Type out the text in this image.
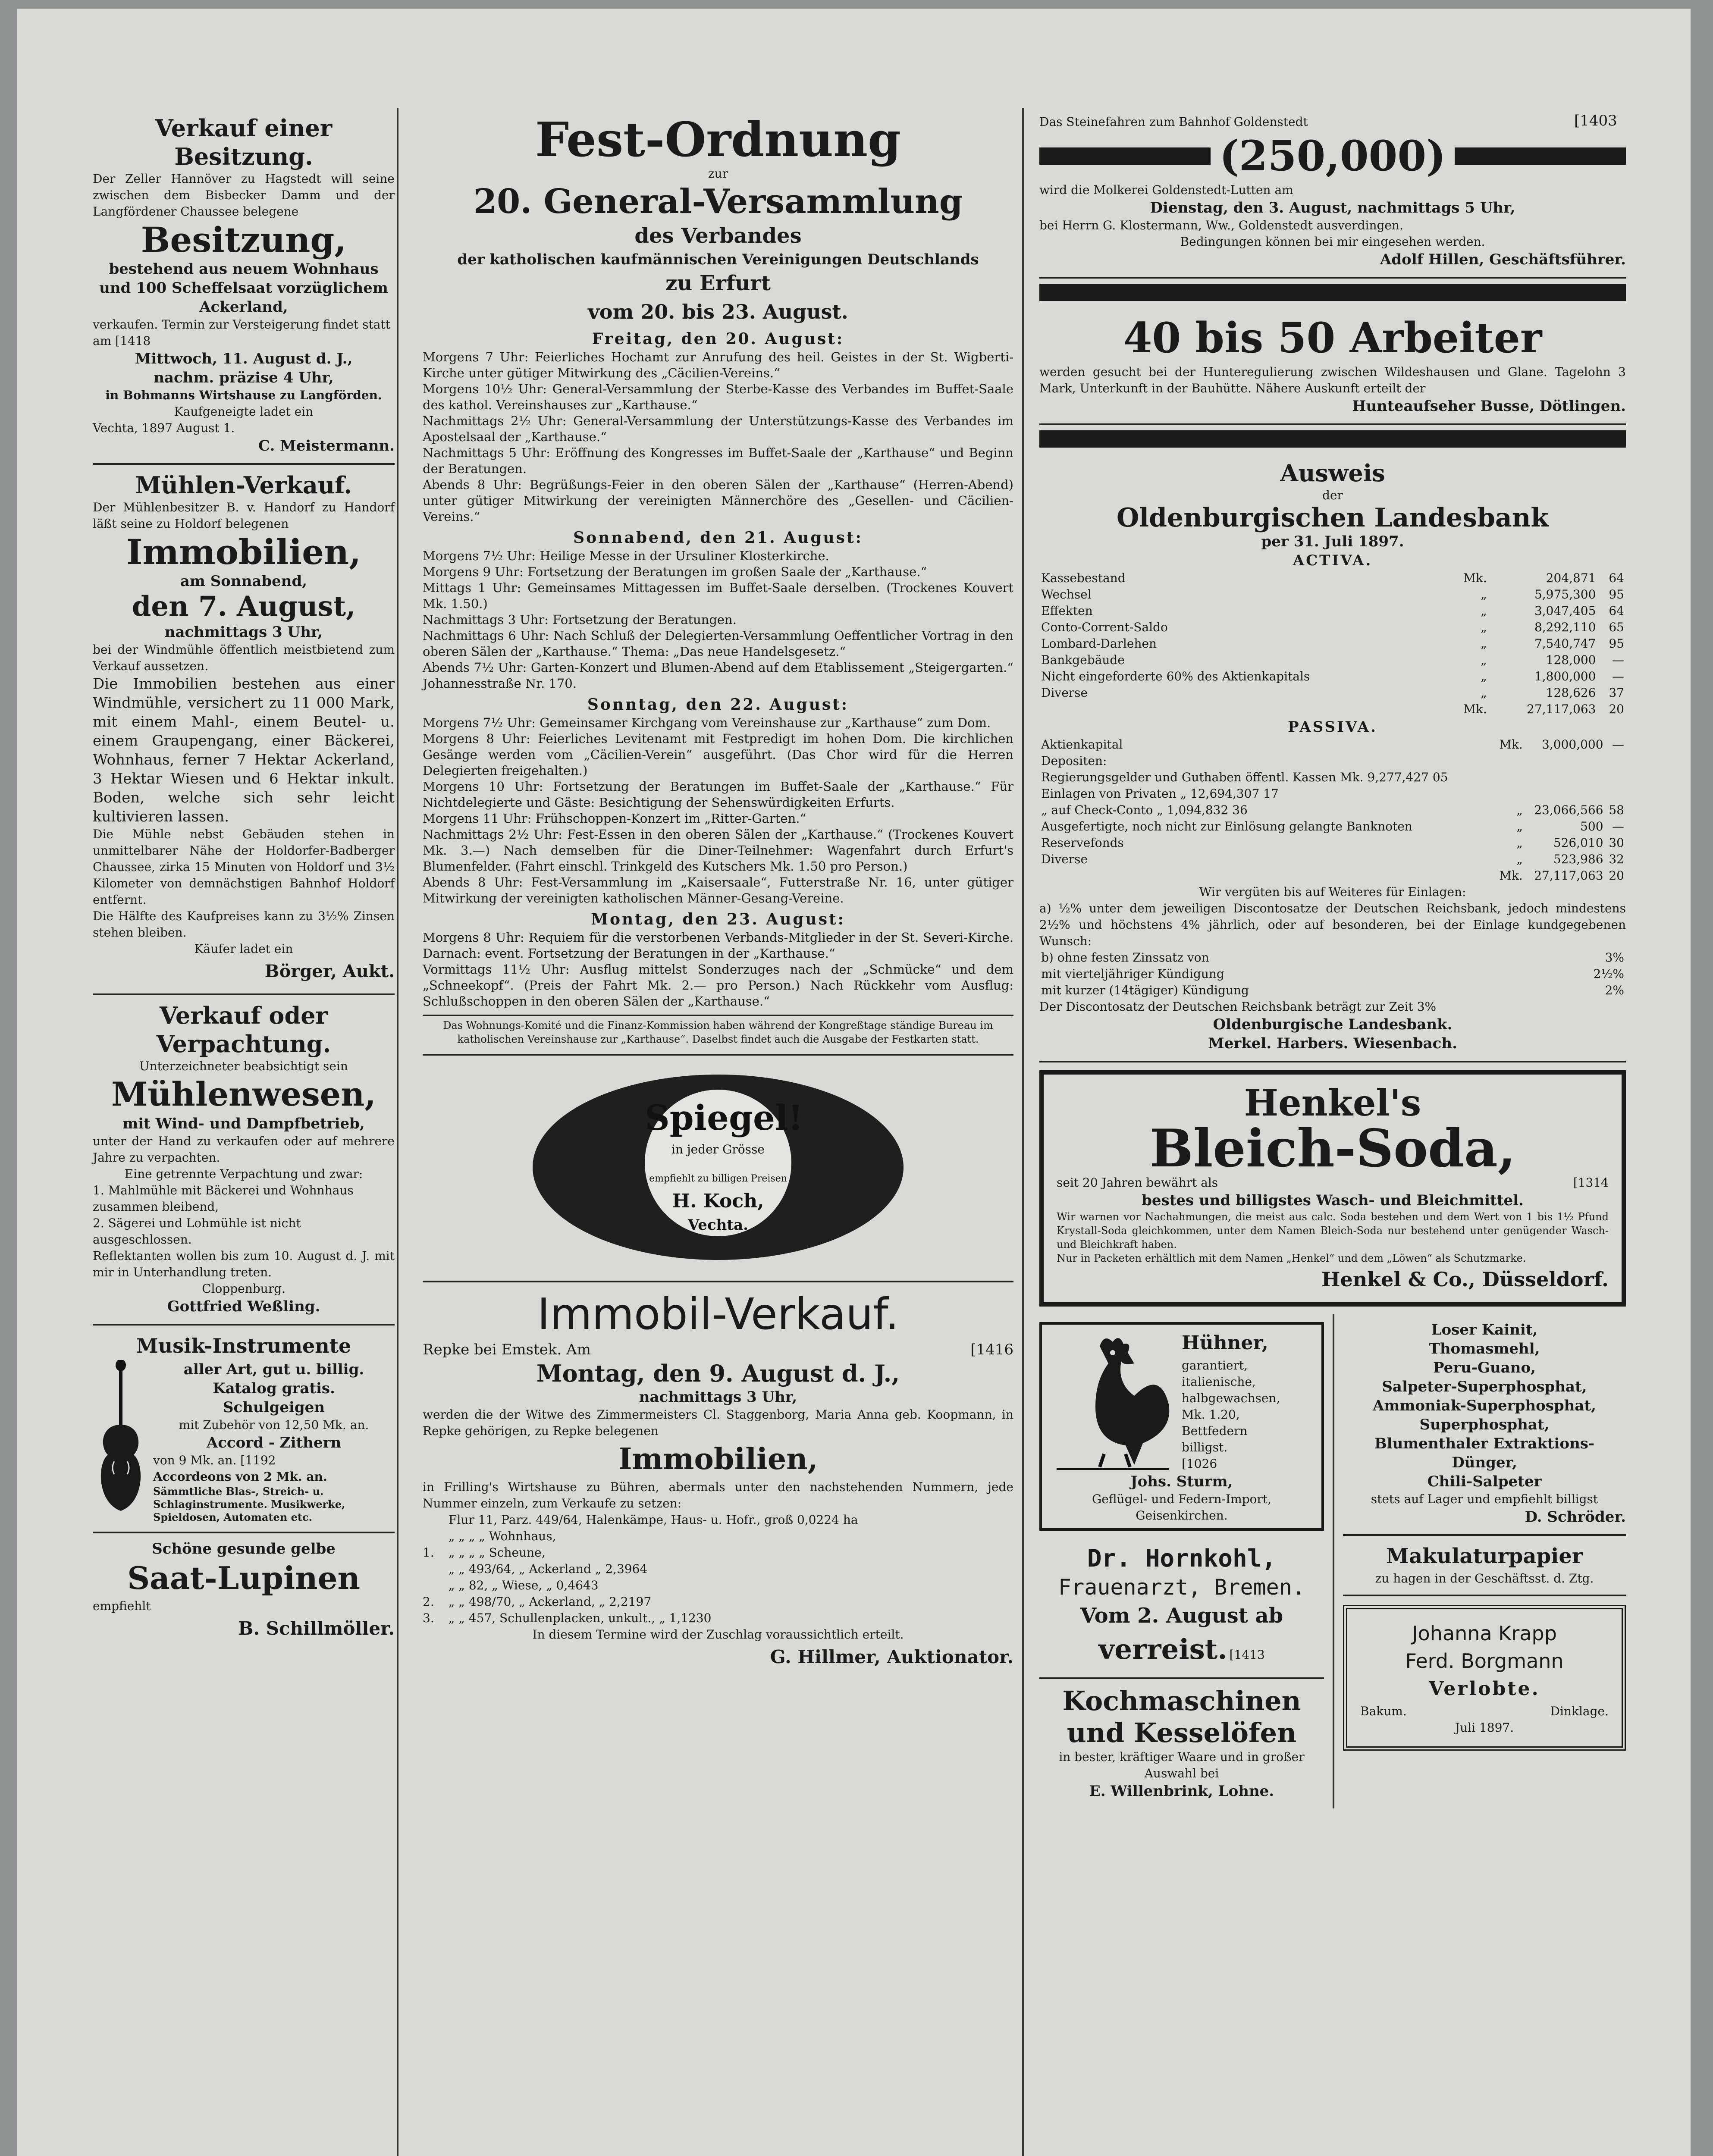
[1403
Verkauf einer Besitzung.
Der Zeller Hannöver zu Hagstedt will seine zwischen dem Bisbecker Damm und der Langfördener Chaussee belegene
Besitzung,
bestehend aus neuem Wohnhaus und 100 Scheffelsaat vorzüglichem Ackerland,
verkaufen. Termin zur Versteigerung findet statt am [1418
Mittwoch, 11. August d. J.,
nachm. präzise 4 Uhr,
in Bohmanns Wirtshause zu Langförden.
Kaufgeneigte ladet ein
Vechta, 1897 August 1.
C. Meistermann.
Mühlen-Verkauf.
Der Mühlenbesitzer B. v. Handorf zu Handorf läßt seine zu Holdorf belegenen
Immobilien,
am Sonnabend,
den 7. August,
nachmittags 3 Uhr,
bei der Windmühle öffentlich meistbietend zum Verkauf aussetzen.
Die Immobilien bestehen aus einer Windmühle, versichert zu 11 000 Mark, mit einem Mahl-, einem Beutel- u. einem Graupengang, einer Bäckerei, Wohnhaus, ferner 7 Hektar Ackerland, 3 Hektar Wiesen und 6 Hektar inkult. Boden, welche sich sehr leicht kultivieren lassen.
Die Mühle nebst Gebäuden stehen in unmittelbarer Nähe der Holdorfer-Badberger Chaussee, zirka 15 Minuten von Holdorf und 3½ Kilometer von demnächstigen Bahnhof Holdorf entfernt.
Die Hälfte des Kaufpreises kann zu 3½% Zinsen stehen bleiben.
Käufer ladet ein
Börger, Aukt.
Verkauf oder Verpachtung.
Unterzeichneter beabsichtigt sein
Mühlenwesen,
mit Wind- und Dampfbetrieb,
unter der Hand zu verkaufen oder auf mehrere Jahre zu verpachten.
Eine getrennte Verpachtung und zwar:
1. Mahlmühle mit Bäckerei und Wohnhaus zusammen bleibend,
2. Sägerei und Lohmühle ist nicht ausgeschlossen.
Reflektanten wollen bis zum 10. August d. J. mit mir in Unterhandlung treten.
Cloppenburg.
Gottfried Weßling.
Musik-Instrumente
aller Art, gut u. billig.
Katalog gratis.
Schulgeigen
mit Zubehör von 12,50 Mk. an.
Accord - Zithern
von 9 Mk. an. [1192
Accordeons von 2 Mk. an.
Sämmtliche Blas-, Streich- u. Schlaginstrumente. Musikwerke, Spieldosen, Automaten etc.
Schöne gesunde gelbe
Saat-Lupinen
empfiehlt
B. Schillmöller.
Fest-Ordnung
zur
20. General-Versammlung
des Verbandes
der katholischen kaufmännischen Vereinigungen Deutschlands
zu Erfurt
vom 20. bis 23. August.

Freitag, den 20. August:

Morgens 7 Uhr: Feierliches Hochamt zur Anrufung des heil. Geistes in der St. Wigberti-Kirche unter gütiger Mitwirkung des „Cäcilien-Vereins.“

Morgens 10½ Uhr: General-Versammlung der Sterbe-Kasse des Verbandes im Buffet-Saale des kathol. Vereinshauses zur „Karthause.“

Nachmittags 2½ Uhr: General-Versammlung der Unterstützungs-Kasse des Verbandes im Apostelsaal der „Karthause.“

Nachmittags 5 Uhr: Eröffnung des Kongresses im Buffet-Saale der „Karthause“ und Beginn der Beratungen.

Abends 8 Uhr: Begrüßungs-Feier in den oberen Sälen der „Karthause“ (Herren-Abend) unter gütiger Mitwirkung der vereinigten Männerchöre des „Gesellen- und Cäcilien-Vereins.“

Sonnabend, den 21. August:

Morgens 7½ Uhr: Heilige Messe in der Ursuliner Klosterkirche.

Morgens 9 Uhr: Fortsetzung der Beratungen im großen Saale der „Karthause.“

Mittags 1 Uhr: Gemeinsames Mittagessen im Buffet-Saale derselben. (Trockenes Kouvert Mk. 1.50.)

Nachmittags 3 Uhr: Fortsetzung der Beratungen.

Nachmittags 6 Uhr: Nach Schluß der Delegierten-Versammlung Oeffentlicher Vortrag in den oberen Sälen der „Karthause.“ Thema: „Das neue Handelsgesetz.“

Abends 7½ Uhr: Garten-Konzert und Blumen-Abend auf dem Etablissement „Steigergarten.“ Johannesstraße Nr. 170.

Sonntag, den 22. August:

Morgens 7½ Uhr: Gemeinsamer Kirchgang vom Vereinshause zur „Karthause“ zum Dom.

Morgens 8 Uhr: Feierliches Levitenamt mit Festpredigt im hohen Dom. Die kirchlichen Gesänge werden vom „Cäcilien-Verein“ ausgeführt. (Das Chor wird für die Herren Delegierten freigehalten.)

Morgens 10 Uhr: Fortsetzung der Beratungen im Buffet-Saale der „Karthause.“ Für Nichtdelegierte und Gäste: Besichtigung der Sehenswürdigkeiten Erfurts.

Morgens 11 Uhr: Frühschoppen-Konzert im „Ritter-Garten.“

Nachmittags 2½ Uhr: Fest-Essen in den oberen Sälen der „Karthause.“ (Trockenes Kouvert Mk. 3.—) Nach demselben für die Diner-Teilnehmer: Wagenfahrt durch Erfurt's Blumenfelder. (Fahrt einschl. Trinkgeld des Kutschers Mk. 1.50 pro Person.)

Abends 8 Uhr: Fest-Versammlung im „Kaisersaale“, Futterstraße Nr. 16, unter gütiger Mitwirkung der vereinigten katholischen Männer-Gesang-Vereine.

Montag, den 23. August:

Morgens 8 Uhr: Requiem für die verstorbenen Verbands-Mitglieder in der St. Severi-Kirche. Darnach: event. Fortsetzung der Beratungen in der „Karthause.“

Vormittags 11½ Uhr: Ausflug mittelst Sonderzuges nach der „Schmücke“ und dem „Schneekopf“. (Preis der Fahrt Mk. 2.— pro Person.) Nach Rückkehr vom Ausflug: Schlußschoppen in den oberen Sälen der „Karthause.“

Das Wohnungs-Komité und die Finanz-Kommission haben während der Kongreßtage ständige Bureau im katholischen Vereinshause zur „Karthause“. Daselbst findet auch die Ausgabe der Festkarten statt.
Spiegel!
in jeder Grösse
empfiehlt zu billigen Preisen
H. Koch,
Vechta.
Immobil-Verkauf.
Repke bei Emstek. Am	[1416
Montag, den 9. August d. J.,
nachmittags 3 Uhr,
werden die der Witwe des Zimmermeisters Cl. Staggenborg, Maria Anna geb. Koopmann, in Repke gehörigen, zu Repke belegenen
Immobilien,
in Frilling's Wirtshause zu Bühren, abermals unter den nachstehenden Nummern, jede Nummer einzeln, zum Verkaufe zu setzen:
Flur 11, Parz. 449/64, Halenkämpe, Haus- u. Hofr., groß 0,0224 ha
„ „ „ „ Wohnhaus,
1.	„ „ „ „ Scheune,
„ „ 493/64, „ Ackerland „ 2,3964
„ „ 82, „ Wiese, „ 0,4643
2.	„ „ 498/70, „ Ackerland, „ 2,2197
3.	„ „ 457, Schullenplacken, unkult., „ 1,1230
In diesem Termine wird der Zuschlag voraussichtlich erteilt.
G. Hillmer, Auktionator.
Das Steinefahren zum Bahnhof Goldenstedt
(250,000)
wird die Molkerei Goldenstedt-Lutten am
Dienstag, den 3. August, nachmittags 5 Uhr,
bei Herrn G. Klostermann, Ww., Goldenstedt ausverdingen.
Bedingungen können bei mir eingesehen werden.
Adolf Hillen, Geschäftsführer.
40 bis 50 Arbeiter
werden gesucht bei der Hunteregulierung zwischen Wildeshausen und Glane. Tagelohn 3 Mark, Unterkunft in der Bauhütte. Nähere Auskunft erteilt der
Hunteaufseher Busse, Dötlingen.
Ausweis
der
Oldenburgischen Landesbank
per 31. Juli 1897.
ACTIVA.
Kassebestand	Mk.	204,871	64
Wechsel	„	5,975,300	95
Effekten	„	3,047,405	64
Conto-Corrent-Saldo	„	8,292,110	65
Lombard-Darlehen	„	7,540,747	95
Bankgebäude	„	128,000	—
Nicht eingeforderte 60% des Aktienkapitals	„	1,800,000	—
Diverse	„	128,626	37
	Mk.	27,117,063	20
PASSIVA.
Aktienkapital	Mk.	3,000,000	—
Depositen:			
Regierungsgelder und Guthaben öffentl. Kassen Mk. 9,277,427 05			
Einlagen von Privaten „ 12,694,307 17			
„ auf Check-Conto „ 1,094,832 36	„	23,066,566	58
Ausgefertigte, noch nicht zur Einlösung gelangte Banknoten	„	500	—
Reservefonds	„	526,010	30
Diverse	„	523,986	32
	Mk.	27,117,063	20
Wir vergüten bis auf Weiteres für Einlagen:
a) ½% unter dem jeweiligen Discontosatze der Deutschen Reichsbank, jedoch mindestens 2½% und höchstens 4% jährlich, oder auf besonderen, bei der Einlage kundgegebenen Wunsch:
b) ohne festen Zinssatz von	3%
mit vierteljähriger Kündigung	2½%
mit kurzer (14tägiger) Kündigung	2%
Der Discontosatz der Deutschen Reichsbank beträgt zur Zeit 3%
Oldenburgische Landesbank.
Merkel. Harbers. Wiesenbach.
Henkel's
Bleich-Soda,
seit 20 Jahren bewährt als	[1314
bestes und billigstes Wasch- und Bleichmittel.
Wir warnen vor Nachahmungen, die meist aus calc. Soda bestehen und dem Wert von 1 bis 1½ Pfund Krystall-Soda gleichkommen, unter dem Namen Bleich-Soda nur bestehend unter genügender Wasch- und Bleichkraft haben.
Nur in Packeten erhältlich mit dem Namen „Henkel“ und dem „Löwen“ als Schutzmarke.
Henkel & Co., Düsseldorf.
Hühner,
garantiert,
italienische,
halbgewachsen,
Mk. 1.20,
Bettfedern
billigst.
[1026
Johs. Sturm,
Geflügel- und Federn-Import,
Geisenkirchen.
Dr. Hornkohl,
Frauenarzt, Bremen.
Vom 2. August ab
verreist. [1413
Kochmaschinen und Kesselöfen
in bester, kräftiger Waare und in großer Auswahl bei
E. Willenbrink, Lohne.
Loser Kainit,
Thomasmehl,
Peru-Guano,
Salpeter-Superphosphat,
Ammoniak-Superphosphat,
Superphosphat,
Blumenthaler Extraktions-Dünger,
Chili-Salpeter
stets auf Lager und empfiehlt billigst
D. Schröder.
Makulaturpapier
zu hagen in der Geschäftsst. d. Ztg.
Johanna Krapp
Ferd. Borgmann
Verlobte.
Bakum.	Dinklage.
Juli 1897.
